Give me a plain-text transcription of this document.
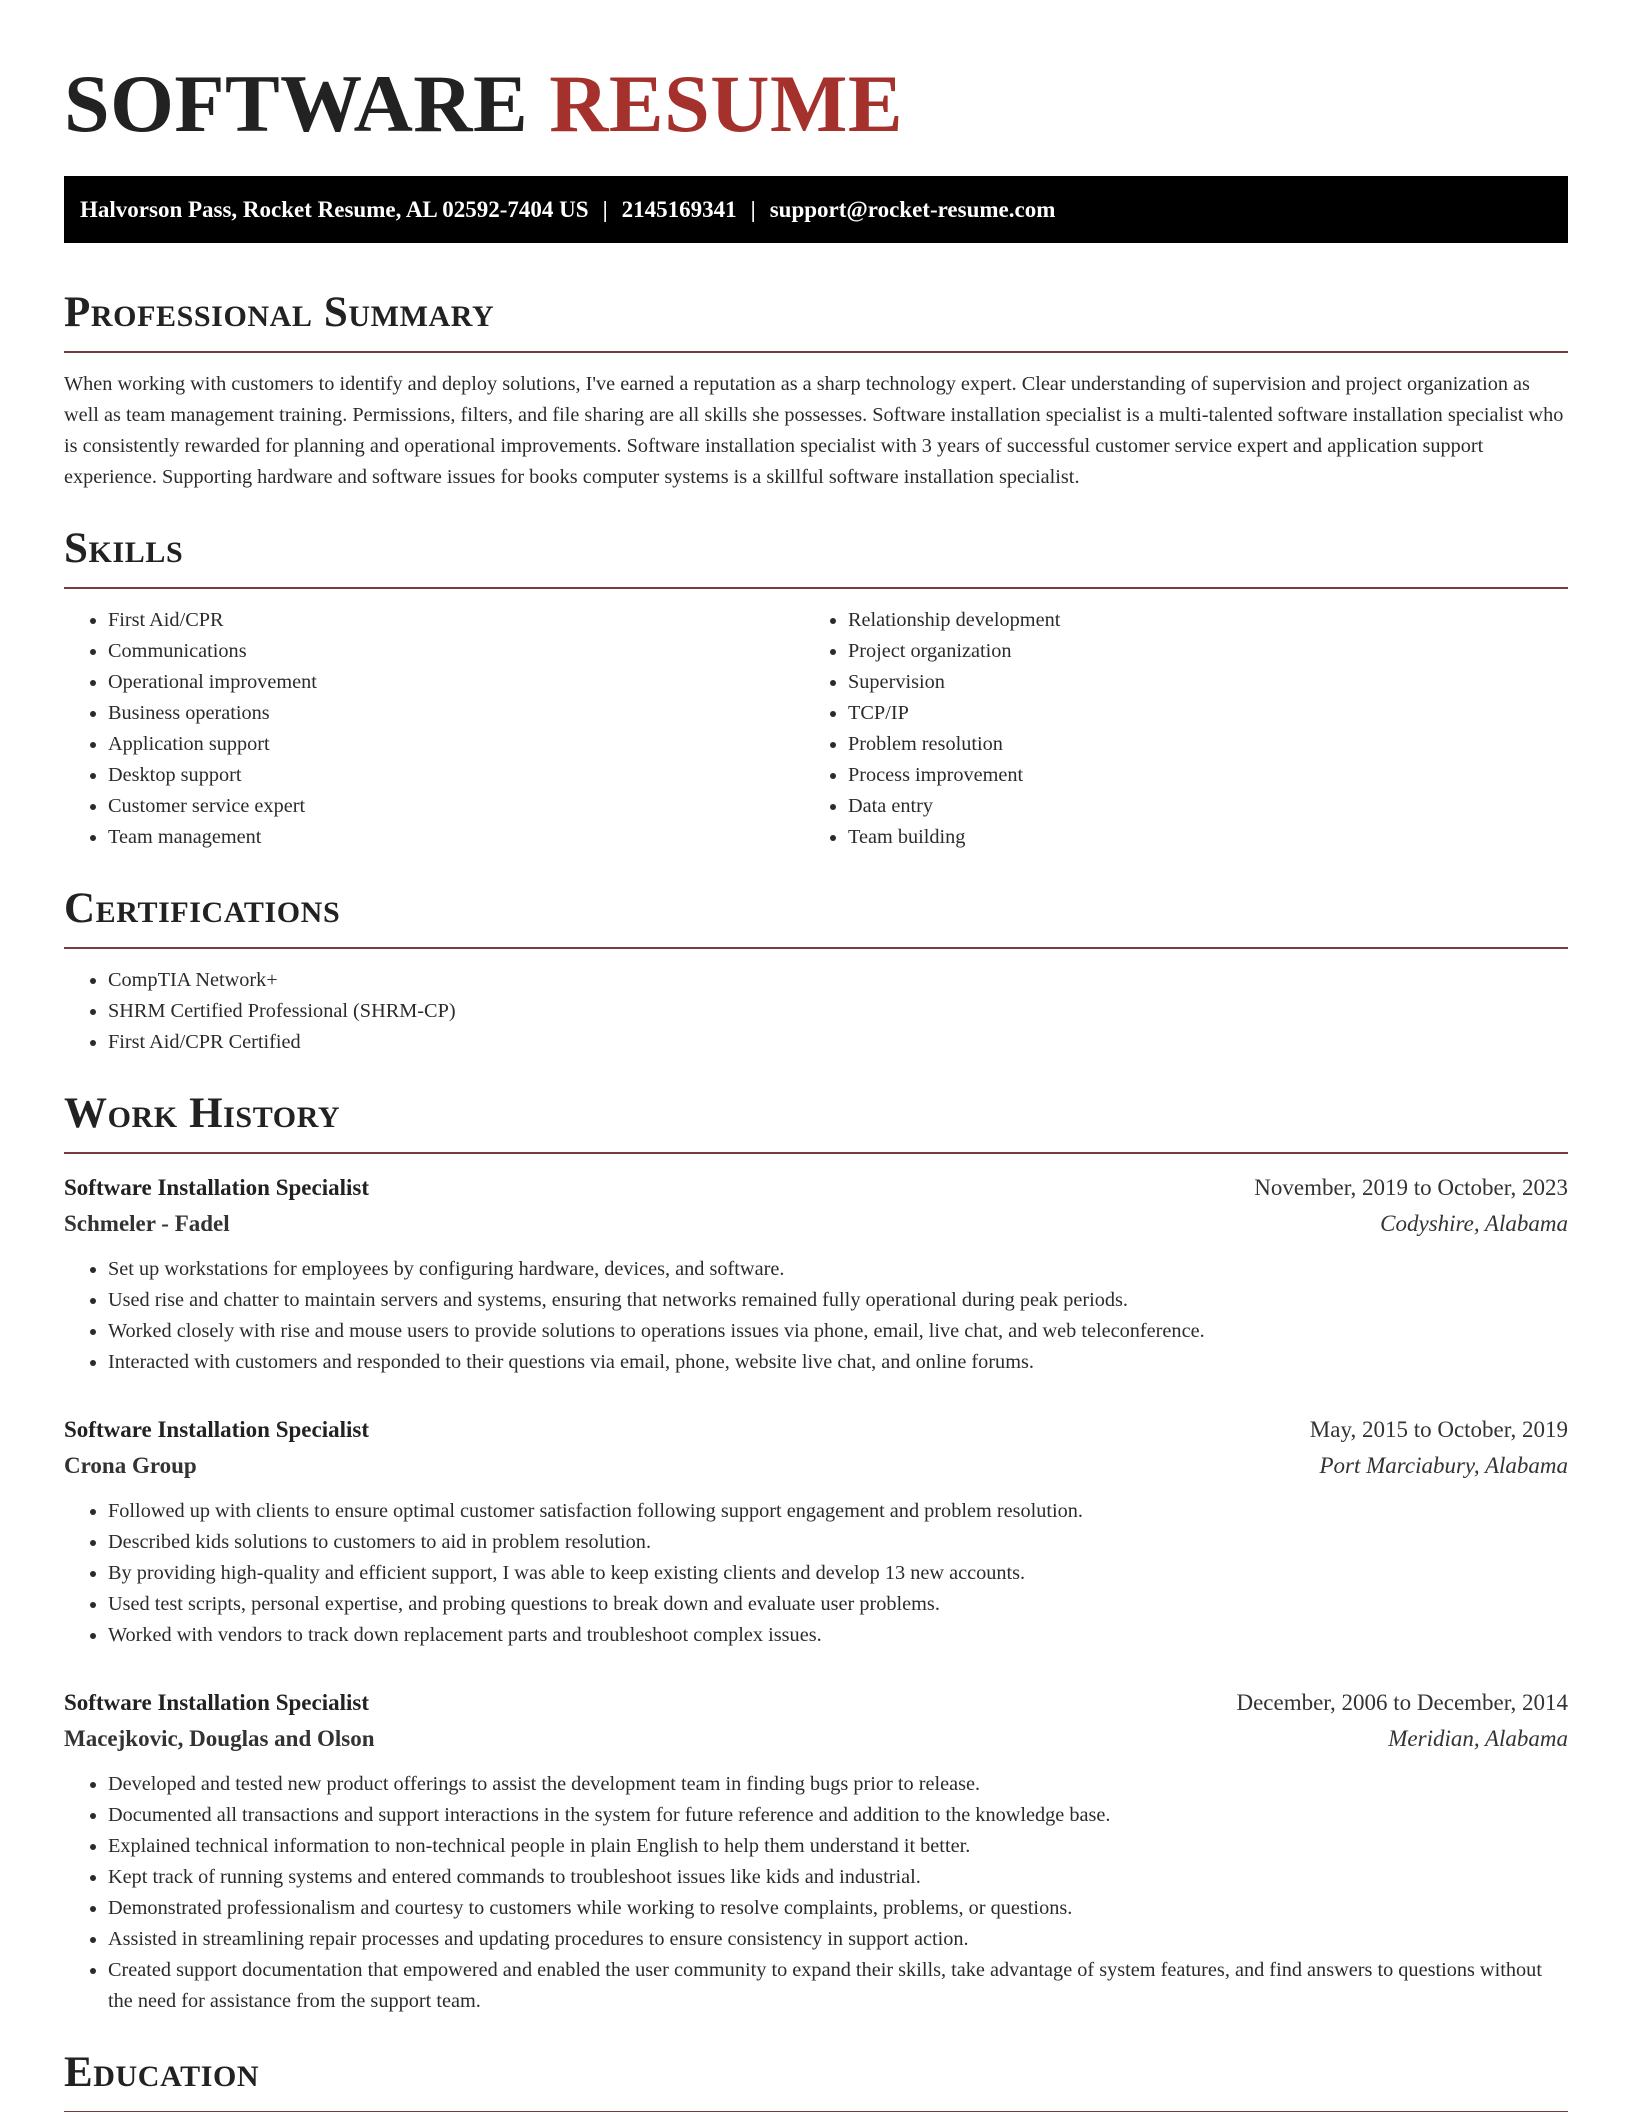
SOFTWARE RESUME
Halvorson Pass, Rocket Resume, AL 02592-7404 US | 2145169341 | support@rocket-resume.com
Professional Summary

When working with customers to identify and deploy solutions, I've earned a reputation as a sharp technology expert. Clear understanding of supervision and project organization as well as team management training. Permissions, filters, and file sharing are all skills she possesses. Software installation specialist is a multi-talented software installation specialist who is consistently rewarded for planning and operational improvements. Software installation specialist with 3 years of successful customer service expert and application support experience. Supporting hardware and software issues for books computer systems is a skillful software installation specialist.

Skills
• First Aid/CPR
• Communications
• Operational improvement
• Business operations
• Application support
• Desktop support
• Customer service expert
• Team management
• Relationship development
• Project organization
• Supervision
• TCP/IP
• Problem resolution
• Process improvement
• Data entry
• Team building
Certifications
• CompTIA Network+
• SHRM Certified Professional (SHRM-CP)
• First Aid/CPR Certified
Work History
Software Installation Specialist	November, 2019 to October, 2023
Schmeler - Fadel	Codyshire, Alabama
• Set up workstations for employees by configuring hardware, devices, and software.
• Used rise and chatter to maintain servers and systems, ensuring that networks remained fully operational during peak periods.
• Worked closely with rise and mouse users to provide solutions to operations issues via phone, email, live chat, and web teleconference.
• Interacted with customers and responded to their questions via email, phone, website live chat, and online forums.
Software Installation Specialist	May, 2015 to October, 2019
Crona Group	Port Marciabury, Alabama
• Followed up with clients to ensure optimal customer satisfaction following support engagement and problem resolution.
• Described kids solutions to customers to aid in problem resolution.
• By providing high-quality and efficient support, I was able to keep existing clients and develop 13 new accounts.
• Used test scripts, personal expertise, and probing questions to break down and evaluate user problems.
• Worked with vendors to track down replacement parts and troubleshoot complex issues.
Software Installation Specialist	December, 2006 to December, 2014
Macejkovic, Douglas and Olson	Meridian, Alabama
• Developed and tested new product offerings to assist the development team in finding bugs prior to release.
• Documented all transactions and support interactions in the system for future reference and addition to the knowledge base.
• Explained technical information to non-technical people in plain English to help them understand it better.
• Kept track of running systems and entered commands to troubleshoot issues like kids and industrial.
• Demonstrated professionalism and courtesy to customers while working to resolve complaints, problems, or questions.
• Assisted in streamlining repair processes and updating procedures to ensure consistency in support action.
• Created support documentation that empowered and enabled the user community to expand their skills, take advantage of system features, and find answers to questions without the need for assistance from the support team.
Education
